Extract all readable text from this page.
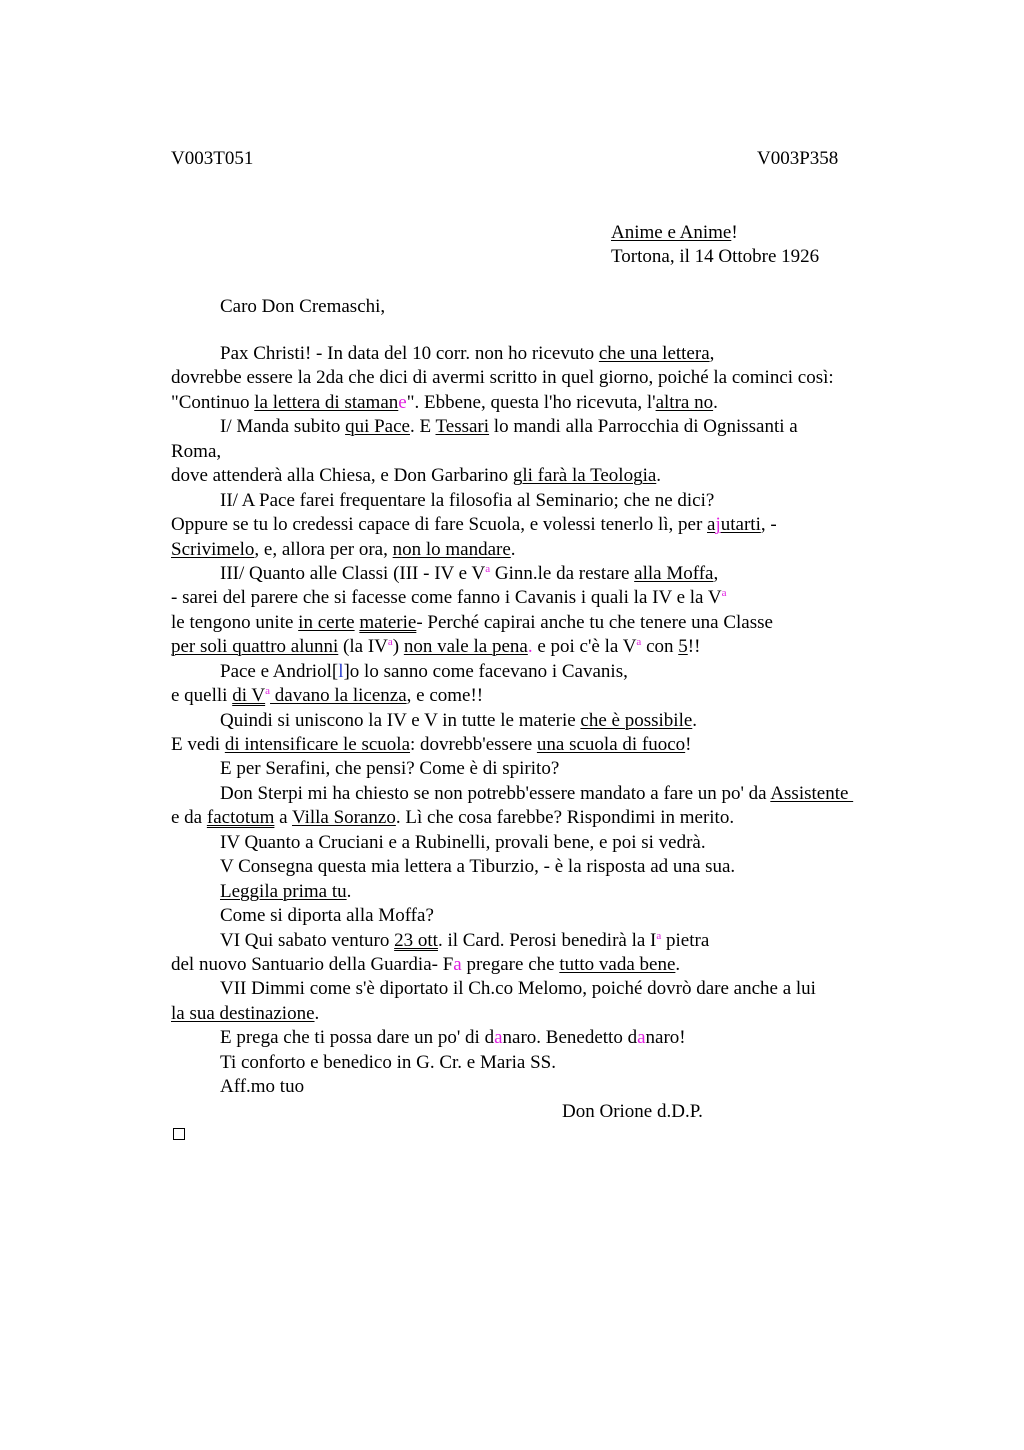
V003T051	V003P358
Anime e Anime!
Tortona, il 14 Ottobre 1926
Caro Don Cremaschi,
Pax Christi! - In data del 10 corr. non ho ricevuto che una lettera,
dovrebbe essere la 2da che dici di avermi scritto in quel giorno, poiché la cominci così:
"Continuo la lettera di stamane". Ebbene, questa l'ho ricevuta, l'altra no.
I/ Manda subito qui Pace. E Tessari lo mandi alla Parrocchia di Ognissanti a
Roma,
dove attenderà alla Chiesa, e Don Garbarino gli farà la Teologia.
II/ A Pace farei frequentare la filosofia al Seminario; che ne dici?
Oppure se tu lo credessi capace di fare Scuola, e volessi tenerlo lì, per ajutarti, -
Scrivimelo, e, allora per ora, non lo mandare.
III/ Quanto alle Classi (III - IV e $V^a$ Ginn.le da restare alla Moffa,
- sarei del parere che si facesse come fanno i Cavanis i quali la IV e la $V^a$
le tengono unite in certe materie- Perché capirai anche tu che tenere una Classe
per soli quattro alunni (la $IV^a$) non vale la pena. e poi c'è la $V^a$ con 5!!
Pace e Andriol[l]o lo sanno come facevano i Cavanis,
e quelli di $V^a$ davano la licenza, e come!!
Quindi si uniscono la IV e V in tutte le materie che è possibile.
E vedi di intensificare le scuola: dovrebb'essere una scuola di fuoco!
E per Serafini, che pensi? Come è di spirito?
Don Sterpi mi ha chiesto se non potrebb'essere mandato a fare un po' da Assistente
e da factotum a Villa Soranzo. Lì che cosa farebbe? Rispondimi in merito.
IV Quanto a Cruciani e a Rubinelli, provali bene, e poi si vedrà.
V Consegna questa mia lettera a Tiburzio, - è la risposta ad una sua.
Leggila prima tu.
Come si diporta alla Moffa?
VI Qui sabato venturo 23 ott. il Card. Perosi benedirà la $I^a$ pietra
del nuovo Santuario della Guardia- Fa pregare che tutto vada bene.
VII Dimmi come s'è diportato il Ch.co Melomo, poiché dovrò dare anche a lui
la sua destinazione.
E prega che ti possa dare un po' di danaro. Benedetto danaro!
Ti conforto e benedico in G. Cr. e Maria SS.
Aff.mo tuo
Don Orione d.D.P.
